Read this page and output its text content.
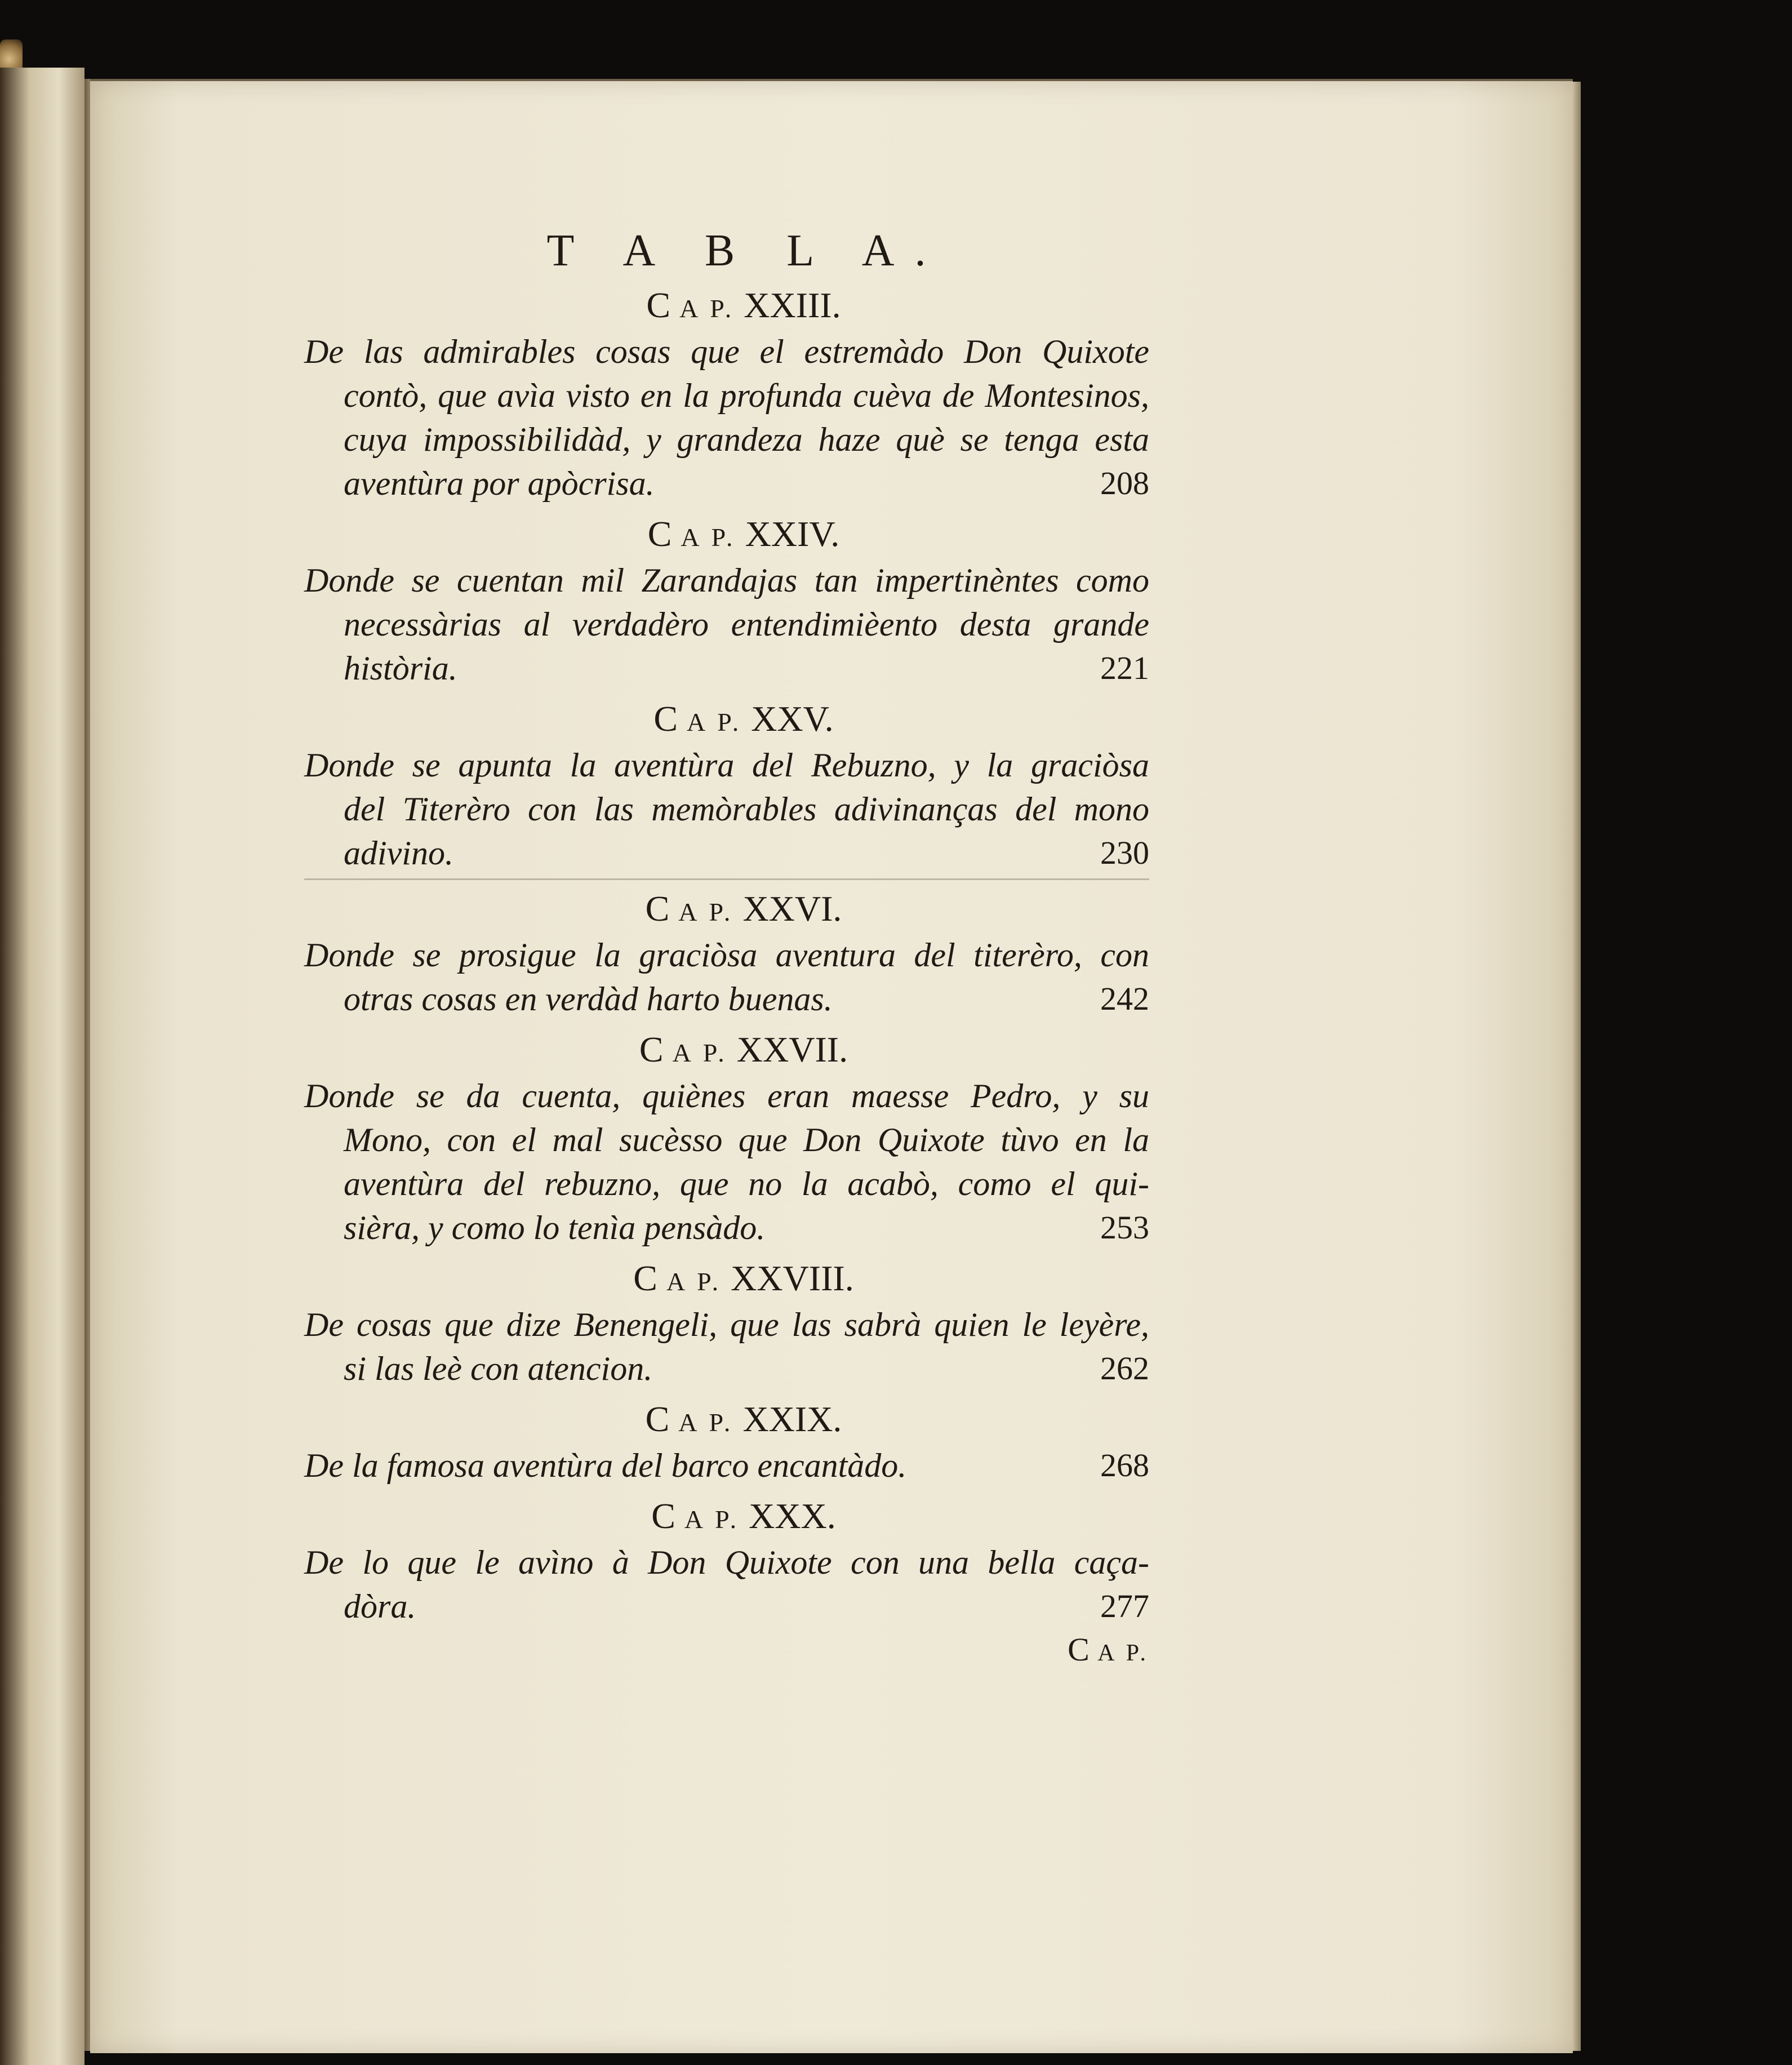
T A B L A.
C A P. XXIII.
De las admirables cosas que el estremàdo Don Quixote
contò, que avìa visto en la profunda cuèva de Montesinos,
cuya impossibilidàd, y grandeza haze què se tenga esta
aventùra por apòcrisa.	208
C A P. XXIV.
Donde se cuentan mil Zarandajas tan impertinèntes como
necessàrias al verdadèro entendimièento desta grande
història.	221
C A P. XXV.
Donde se apunta la aventùra del Rebuzno, y la graciòsa
del Titerèro con las memòrables adivinanças del mono
adivino.	230
C A P. XXVI.
Donde se prosigue la graciòsa aventura del titerèro, con
otras cosas en verdàd harto buenas.	242
C A P. XXVII.
Donde se da cuenta, quiènes eran maesse Pedro, y su
Mono, con el mal sucèsso que Don Quixote tùvo en la
aventùra del rebuzno, que no la acabò, como el qui-
sièra, y como lo tenìa pensàdo.	253
C A P. XXVIII.
De cosas que dize Benengeli, que las sabrà quien le leyère,
si las leè con atencion.	262
C A P. XXIX.
De la famosa aventùra del barco encantàdo.	268
C A P. XXX.
De lo que le avìno à Don Quixote con una bella caça-
dòra.	277
C A P.
